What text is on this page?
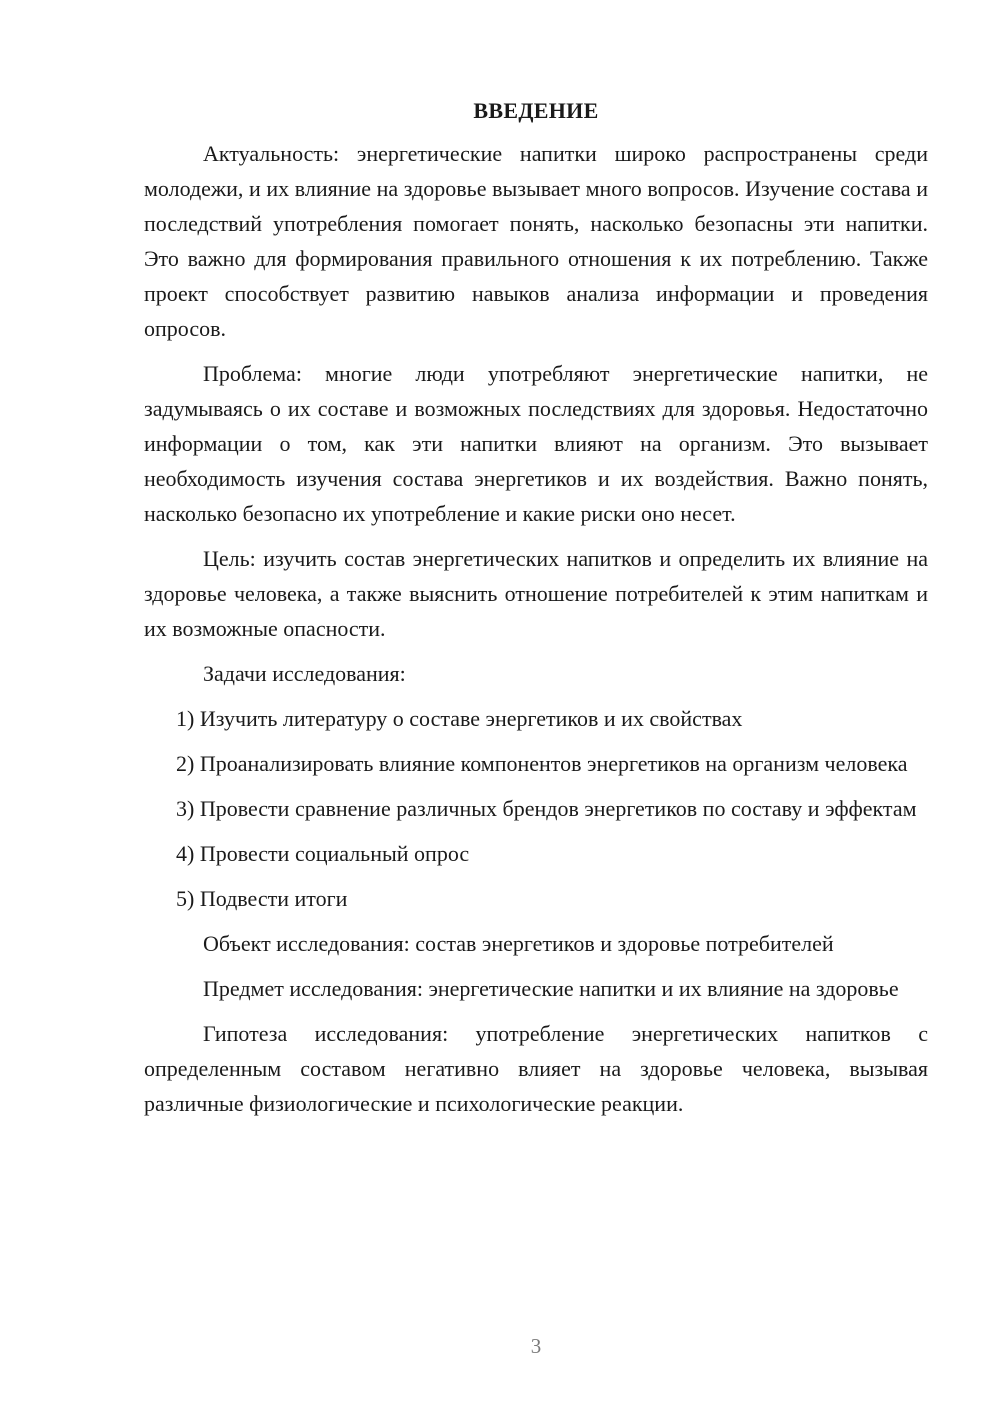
ВВЕДЕНИЕ

Актуальность: энергетические напитки широко распространены среди молодежи, и их влияние на здоровье вызывает много вопросов. Изучение состава и последствий употребления помогает понять, насколько безопасны эти напитки. Это важно для формирования правильного отношения к их потреблению. Также проект способствует развитию навыков анализа информации и проведения опросов.

Проблема: многие люди употребляют энергетические напитки, не задумываясь о их составе и возможных последствиях для здоровья. Недостаточно информации о том, как эти напитки влияют на организм. Это вызывает необходимость изучения состава энергетиков и их воздействия. Важно понять, насколько безопасно их употребление и какие риски оно несет.

Цель: изучить состав энергетических напитков и определить их влияние на здоровье человека, а также выяснить отношение потребителей к этим напиткам и их возможные опасности.

Задачи исследования:

1) Изучить литературу о составе энергетиков и их свойствах

2) Проанализировать влияние компонентов энергетиков на организм человека

3) Провести сравнение различных брендов энергетиков по составу и эффектам

4) Провести социальный опрос

5) Подвести итоги

Объект исследования: состав энергетиков и здоровье потребителей

Предмет исследования: энергетические напитки и их влияние на здоровье

Гипотеза исследования: употребление энергетических напитков с определенным составом негативно влияет на здоровье человека, вызывая различные физиологические и психологические реакции.

3
